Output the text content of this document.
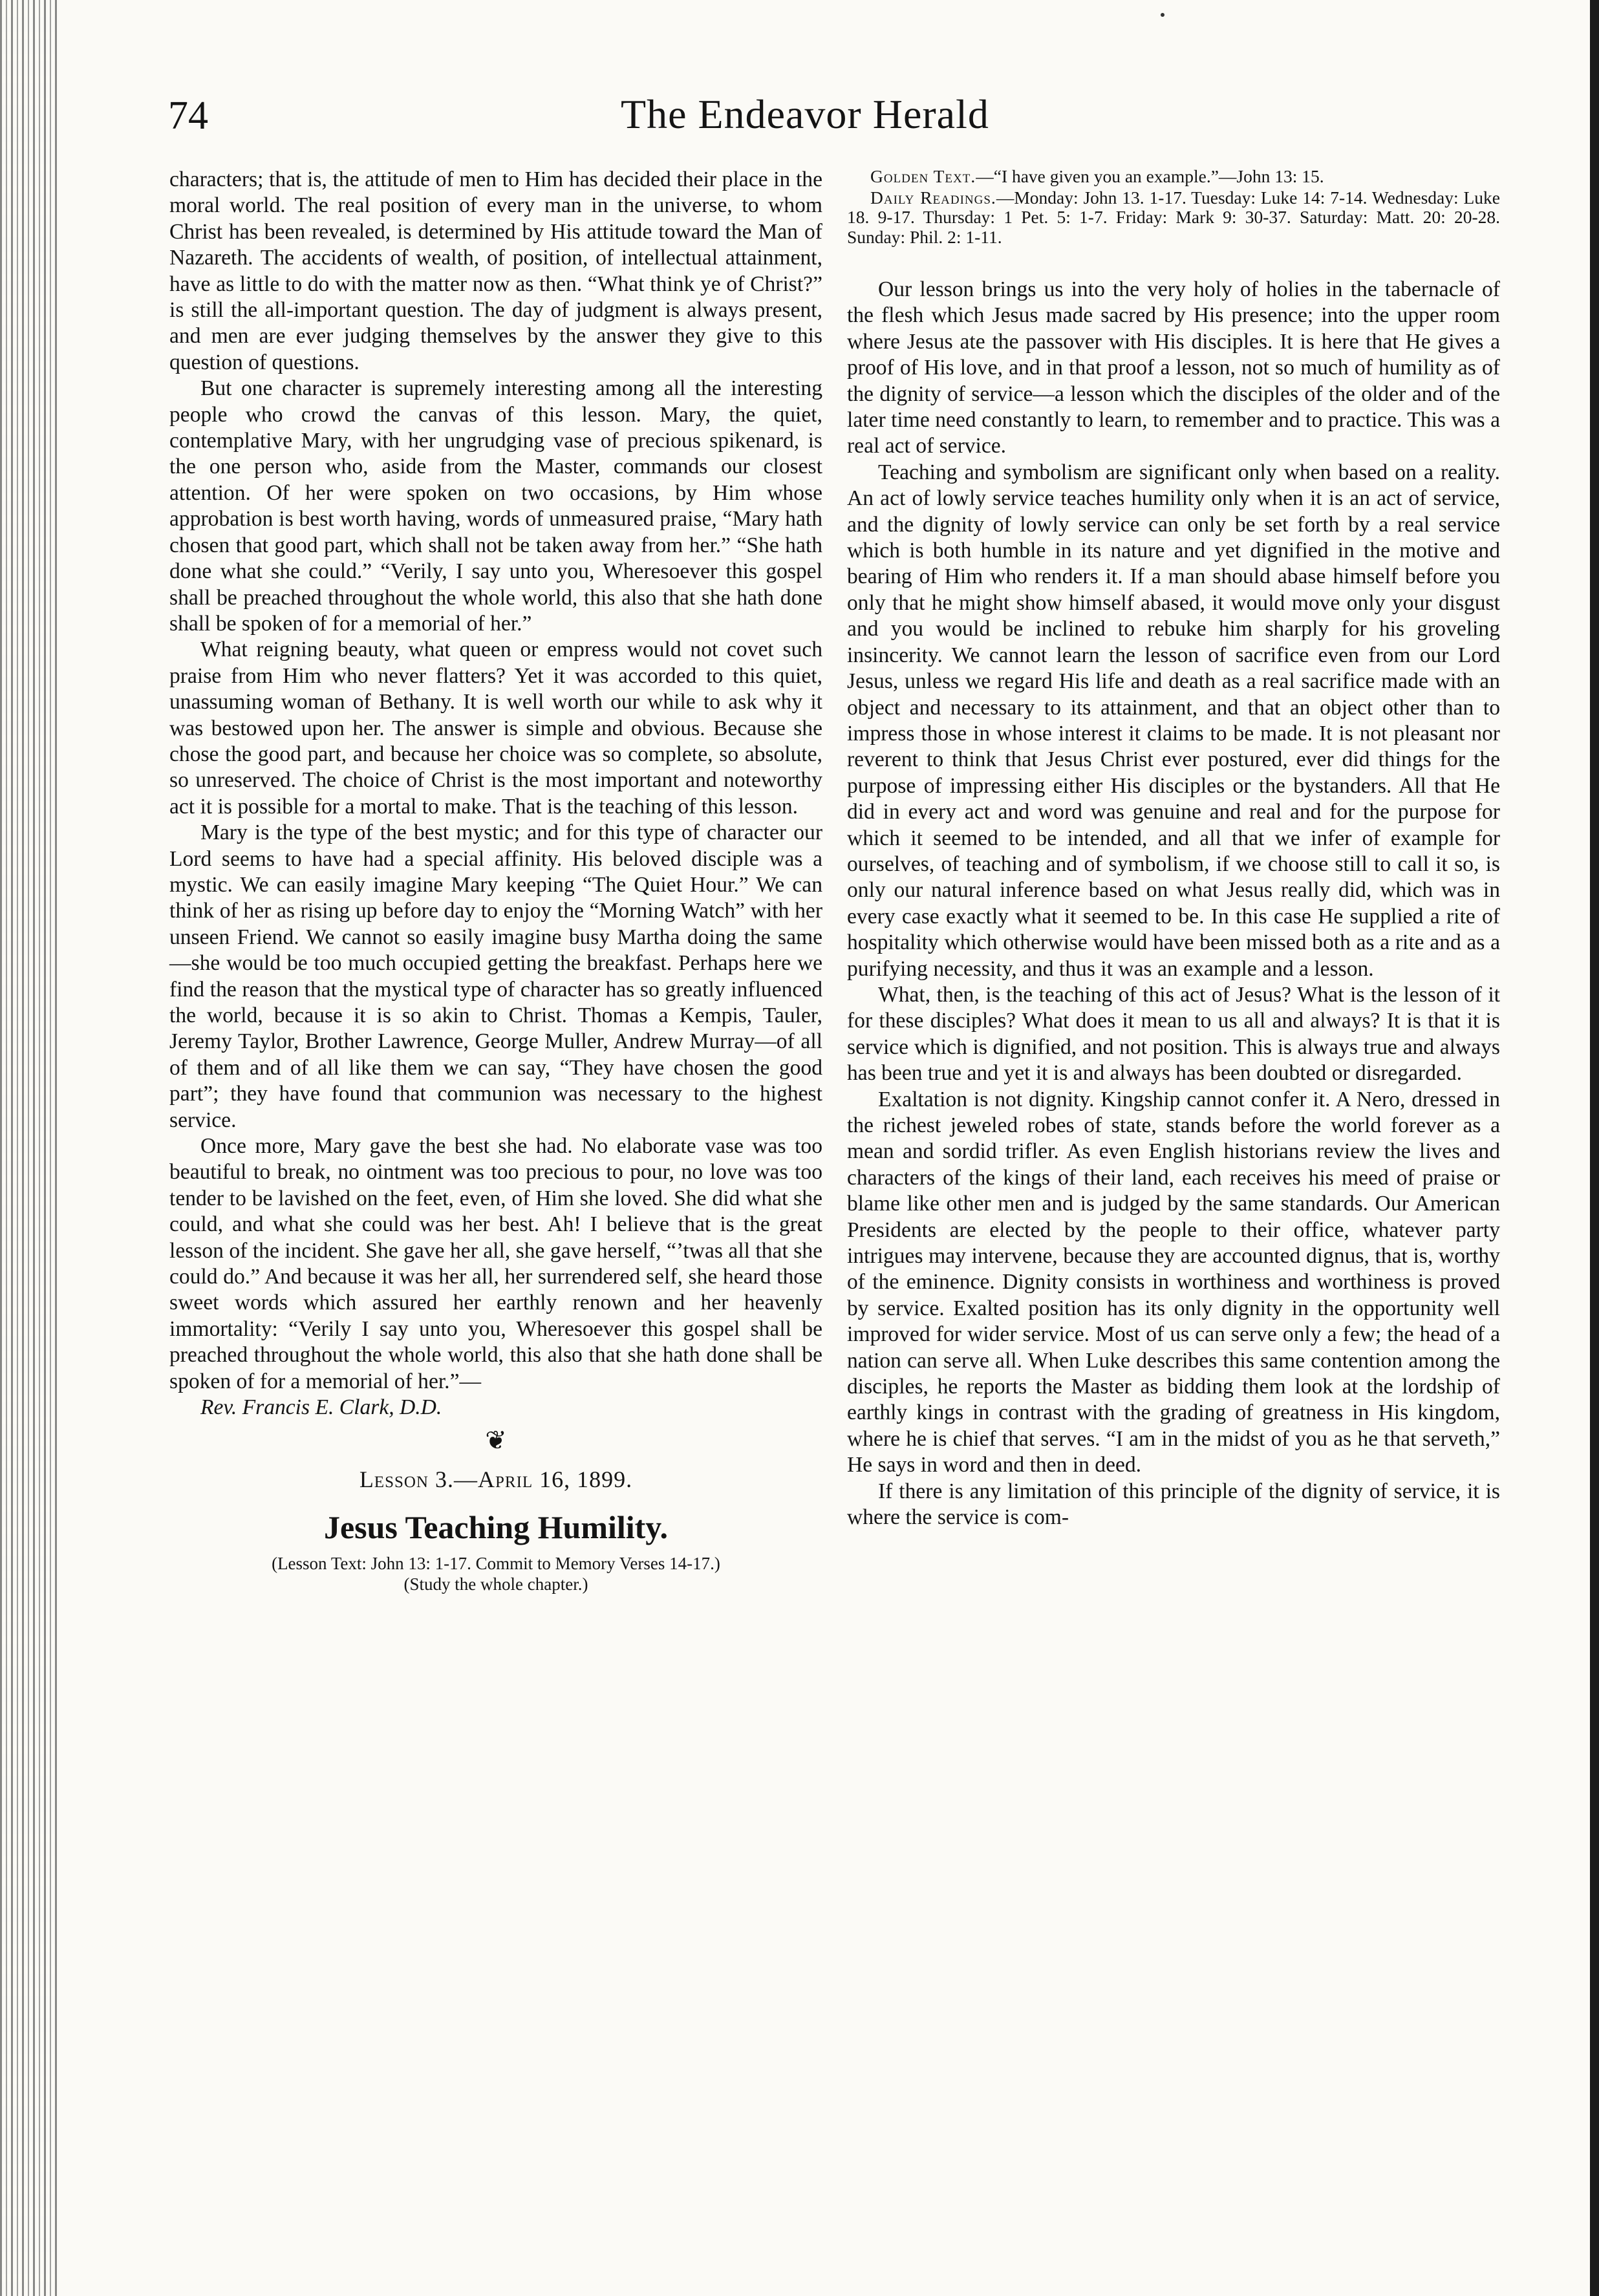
74	The Endeavor Herald

characters; that is, the attitude of men to Him has decided their place in the moral world. The real position of every man in the universe, to whom Christ has been revealed, is determined by His attitude toward the Man of Nazareth. The accidents of wealth, of position, of intellectual attainment, have as little to do with the matter now as then. “What think ye of Christ?” is still the all-important question. The day of judgment is always present, and men are ever judging themselves by the answer they give to this question of questions.

But one character is supremely interesting among all the interesting people who crowd the canvas of this lesson. Mary, the quiet, contemplative Mary, with her ungrudging vase of precious spikenard, is the one person who, aside from the Master, commands our closest attention. Of her were spoken on two occasions, by Him whose approbation is best worth having, words of unmeasured praise, “Mary hath chosen that good part, which shall not be taken away from her.” “She hath done what she could.” “Verily, I say unto you, Wheresoever this gospel shall be preached throughout the whole world, this also that she hath done shall be spoken of for a memorial of her.”

What reigning beauty, what queen or empress would not covet such praise from Him who never flatters? Yet it was accorded to this quiet, unassuming woman of Bethany. It is well worth our while to ask why it was bestowed upon her. The answer is simple and obvious. Because she chose the good part, and because her choice was so complete, so absolute, so unreserved. The choice of Christ is the most important and noteworthy act it is possible for a mortal to make. That is the teaching of this lesson.

Mary is the type of the best mystic; and for this type of character our Lord seems to have had a special affinity. His beloved disciple was a mystic. We can easily imagine Mary keeping “The Quiet Hour.” We can think of her as rising up before day to enjoy the “Morning Watch” with her unseen Friend. We cannot so easily imagine busy Martha doing the same—she would be too much occupied getting the breakfast. Perhaps here we find the reason that the mystical type of character has so greatly influenced the world, because it is so akin to Christ. Thomas a Kempis, Tauler, Jeremy Taylor, Brother Lawrence, George Muller, Andrew Murray—of all of them and of all like them we can say, “They have chosen the good part”; they have found that communion was necessary to the highest service.

Once more, Mary gave the best she had. No elaborate vase was too beautiful to break, no ointment was too precious to pour, no love was too tender to be lavished on the feet, even, of Him she loved. She did what she could, and what she could was her best. Ah! I believe that is the great lesson of the incident. She gave her all, she gave herself, “’twas all that she could do.” And because it was her all, her surrendered self, she heard those sweet words which assured her earthly renown and her heavenly immortality: “Verily I say unto you, Wheresoever this gospel shall be preached throughout the whole world, this also that she hath done shall be spoken of for a memorial of her.”—

Rev. Francis E. Clark, D.D.

❦
Lesson 3.—April 16, 1899.
Jesus Teaching Humility.
(Lesson Text: John 13: 1-17. Commit to Memory Verses 14-17.)
(Study the whole chapter.)

Golden Text.—“I have given you an example.”—John 13: 15.

Daily Readings.—Monday: John 13. 1-17. Tuesday: Luke 14: 7-14. Wednesday: Luke 18. 9-17. Thursday: 1 Pet. 5: 1-7. Friday: Mark 9: 30-37. Saturday: Matt. 20: 20-28. Sunday: Phil. 2: 1-11.

Our lesson brings us into the very holy of holies in the tabernacle of the flesh which Jesus made sacred by His presence; into the upper room where Jesus ate the passover with His disciples. It is here that He gives a proof of His love, and in that proof a lesson, not so much of humility as of the dignity of service—a lesson which the disciples of the older and of the later time need constantly to learn, to remember and to practice. This was a real act of service.

Teaching and symbolism are significant only when based on a reality. An act of lowly service teaches humility only when it is an act of service, and the dignity of lowly service can only be set forth by a real service which is both humble in its nature and yet dignified in the motive and bearing of Him who renders it. If a man should abase himself before you only that he might show himself abased, it would move only your disgust and you would be inclined to rebuke him sharply for his groveling insincerity. We cannot learn the lesson of sacrifice even from our Lord Jesus, unless we regard His life and death as a real sacrifice made with an object and necessary to its attainment, and that an object other than to impress those in whose interest it claims to be made. It is not pleasant nor reverent to think that Jesus Christ ever postured, ever did things for the purpose of impressing either His disciples or the bystanders. All that He did in every act and word was genuine and real and for the purpose for which it seemed to be intended, and all that we infer of example for ourselves, of teaching and of symbolism, if we choose still to call it so, is only our natural inference based on what Jesus really did, which was in every case exactly what it seemed to be. In this case He supplied a rite of hospitality which otherwise would have been missed both as a rite and as a purifying necessity, and thus it was an example and a lesson.

What, then, is the teaching of this act of Jesus? What is the lesson of it for these disciples? What does it mean to us all and always? It is that it is service which is dignified, and not position. This is always true and always has been true and yet it is and always has been doubted or disregarded.

Exaltation is not dignity. Kingship cannot confer it. A Nero, dressed in the richest jeweled robes of state, stands before the world forever as a mean and sordid trifler. As even English historians review the lives and characters of the kings of their land, each receives his meed of praise or blame like other men and is judged by the same standards. Our American Presidents are elected by the people to their office, whatever party intrigues may intervene, because they are accounted dignus, that is, worthy of the eminence. Dignity consists in worthiness and worthiness is proved by service. Exalted position has its only dignity in the opportunity well improved for wider service. Most of us can serve only a few; the head of a nation can serve all. When Luke describes this same contention among the disciples, he reports the Master as bidding them look at the lordship of earthly kings in contrast with the grading of greatness in His kingdom, where he is chief that serves. “I am in the midst of you as he that serveth,” He says in word and then in deed.

If there is any limitation of this principle of the dignity of service, it is where the service is com-
